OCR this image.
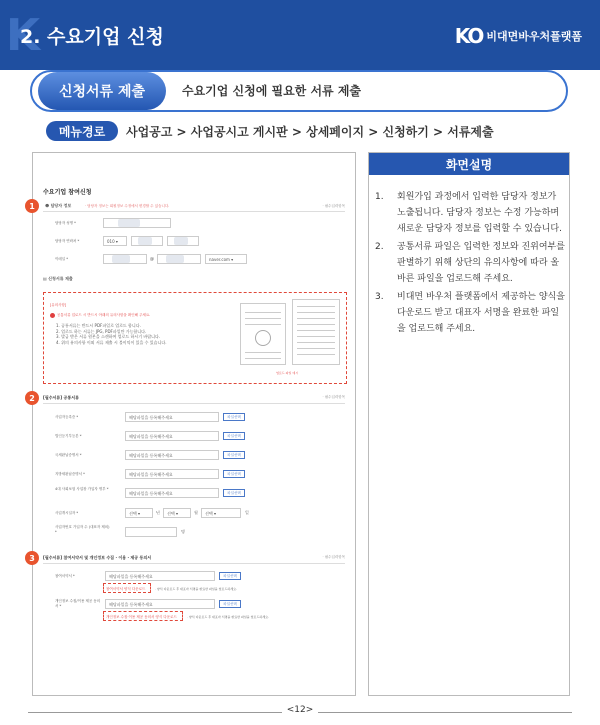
K
2. 수요기업 신청	KO 비대면바우처플랫폼
신청서류 제출	수요기업 신청에 필요한 서류 제출
메뉴경로	사업공고 > 사업공시고 게시판 > 상세페이지 > 신청하기 > 서류제출
수요기업 참여신청
1	☻ 담당자 정보	· 담당자 정보는 회원정보 수정에서 변경할 수 있습니다.	· 필수입력항목
담당자 성명 *
담당자 연락처 *	010 ▾
이메일 *	@	naver.com ▾
▤ 신청서류 제출
[유의사항]
공통서류 업로드 시 반드시 아래의 유의사항을 확인해 주세요.
1. 공통서류는 반드시 PDF파일로 업로드 합니다.
2. 업로드 하는 서류는 JPG, PDF파일만 가능합니다.
3. 발급 받은 서류 원본을 스캔하여 업로드 하시기 바랍니다.
4. 위의 유의사항 이외 서류 제출 시 불이익이 있을 수 있습니다.
업로드 파일 예시
2	[필수서류] 공통서류	· 필수입력항목
사업자등록증 *	해당파일을 등록해주세요	파일선택
법인등기부등본 *	해당파일을 등록해주세요	파일선택
국세완납증명서 *	해당파일을 등록해주세요	파일선택
지방세완납증명서 *	해당파일을 등록해주세요	파일선택
4대 사회보험 사업장 가입자 명부 *
해당파일을 등록해주세요	파일선택
사업개시일자 *	선택 ▾	년	선택 ▾	월	선택 ▾	일
사업자번호 가입자 수 (대표자 제외) *	명
3	[필수서류] 참여서약서 및 개인정보 수집 · 이용 · 제공 동의서	· 필수입력항목
참여서약서 *	해당파일을 등록해주세요	파일선택
참여서약서 양식 다운로드	· 양식 다운로드 후 대표자 서명을 완료한 파일을 업로드하세요.
개인정보 수집/이용 제공 동의서 *	해당파일을 등록해주세요	파일선택
개인정보 수집·이용 제공 동의서 양식 다운로드	· 양식 다운로드 후 대표자 서명을 완료한 파일을 업로드하세요.
화면설명
1.	회원가입 과정에서 입력한 담당자 정보가 노출됩니다. 담당자 정보는 수정 가능하며 새로운 담당자 정보를 입력할 수 있습니다.
2.	공통서류 파일은 입력한 정보와 진위여부를 판별하기 위해 상단의 유의사항에 따라 올바른 파일을 업로드해 주세요.
3.	비대면 바우처 플랫폼에서 제공하는 양식을 다운로드 받고 대표자 서명을 완료한 파일을 업로드해 주세요.
<12>
